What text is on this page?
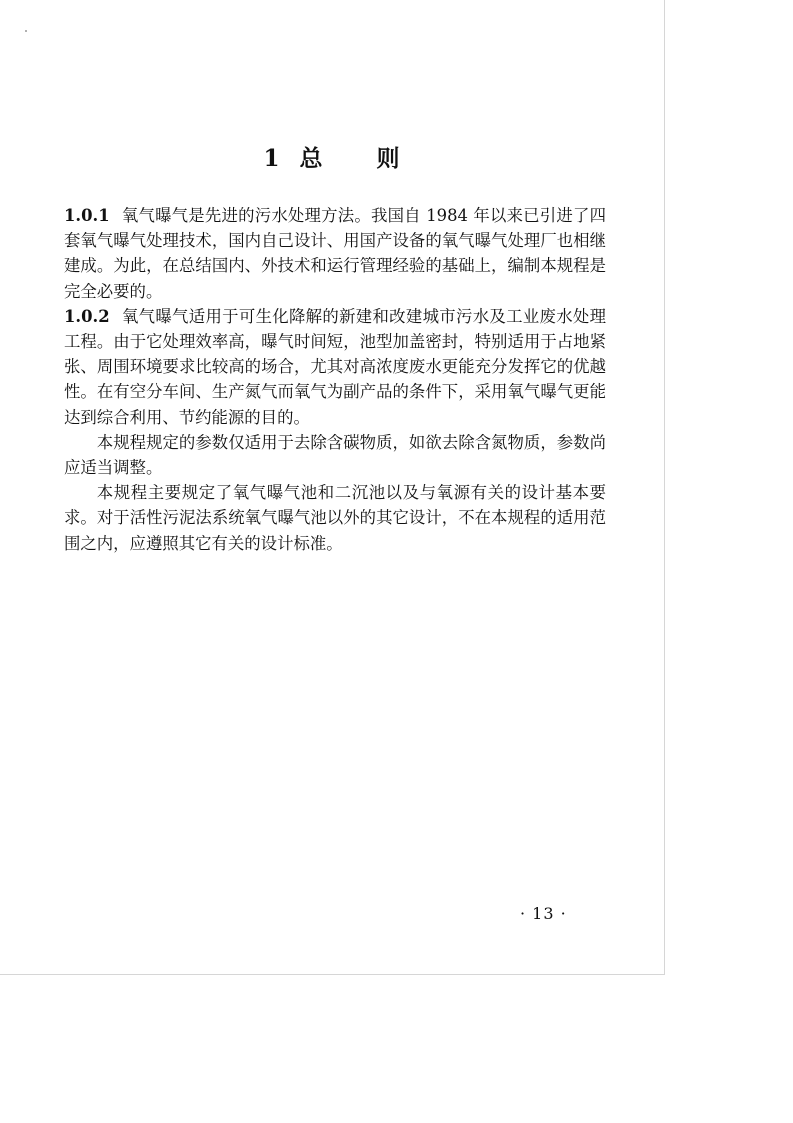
1 总 则

1.0.1 氧气曝气是先进的污水处理方法。我国自 1984 年以来已引进了四套氧气曝气处理技术，国内自己设计、用国产设备的氧气曝气处理厂也相继建成。为此，在总结国内、外技术和运行管理经验的基础上，编制本规程是完全必要的。

1.0.2 氧气曝气适用于可生化降解的新建和改建城市污水及工业废水处理工程。由于它处理效率高，曝气时间短，池型加盖密封，特别适用于占地紧张、周围环境要求比较高的场合，尤其对高浓度废水更能充分发挥它的优越性。在有空分车间、生产氮气而氧气为副产品的条件下，采用氧气曝气更能达到综合利用、节约能源的目的。

本规程规定的参数仅适用于去除含碳物质，如欲去除含氮物质，参数尚应适当调整。

本规程主要规定了氧气曝气池和二沉池以及与氧源有关的设计基本要求。对于活性污泥法系统氧气曝气池以外的其它设计，不在本规程的适用范围之内，应遵照其它有关的设计标准。

· 13 ·
